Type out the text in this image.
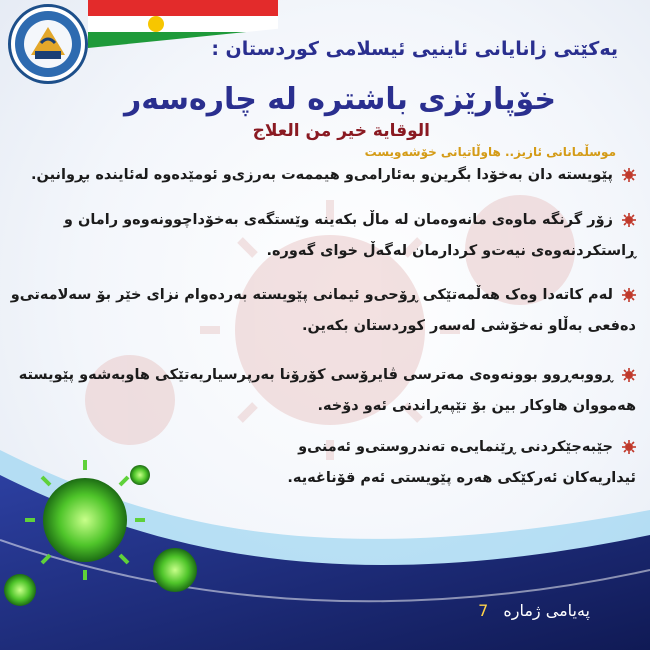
یەکێتی زانایانی ئاینیی ئیسلامی کوردستان :
خۆپارێزی باشترە لە چارەسەر
الوقاية خير من العلاج
موسڵمانانی ئازیز.. هاوڵاتیانی خۆشەویست
پێویستە دان بەخۆدا بگرین‌و بەئارامی‌و هیممەت بەرزی‌و ئومێدەوە لەئایندە بڕوانین.
زۆر گرنگە ماوەی مانەوەمان لە ماڵ بکەینە وێستگەی بەخۆداچوونەوەو رامان و ڕاستکردنەوەی نیەت‌و کردارمان لەگەڵ خوای گەورە.
لەم کاتەدا وەک هەڵمەتێکی ڕۆحی‌و ئیمانی پێویستە بەردەوام نزای خێر بۆ سەلامەتی‌و دەفعی بەڵاو نەخۆشی لەسەر کوردستان بکەین.
ڕووبەڕوو بوونەوەی مەترسی ڤایرۆسی کۆرۆنا بەرپرسیاریەتێکی هاوبەشەو پێویستە هەمووان هاوکار بین بۆ تێپەڕاندنی ئەو دۆخە.
جێبەجێکردنی ڕێنمایی‌ە تەندروستی‌و ئەمنی‌و ئیداریەکان ئەرکێکی هەرە پێویستی ئەم قۆناغەیە.
پەیامی ژمارە 7
